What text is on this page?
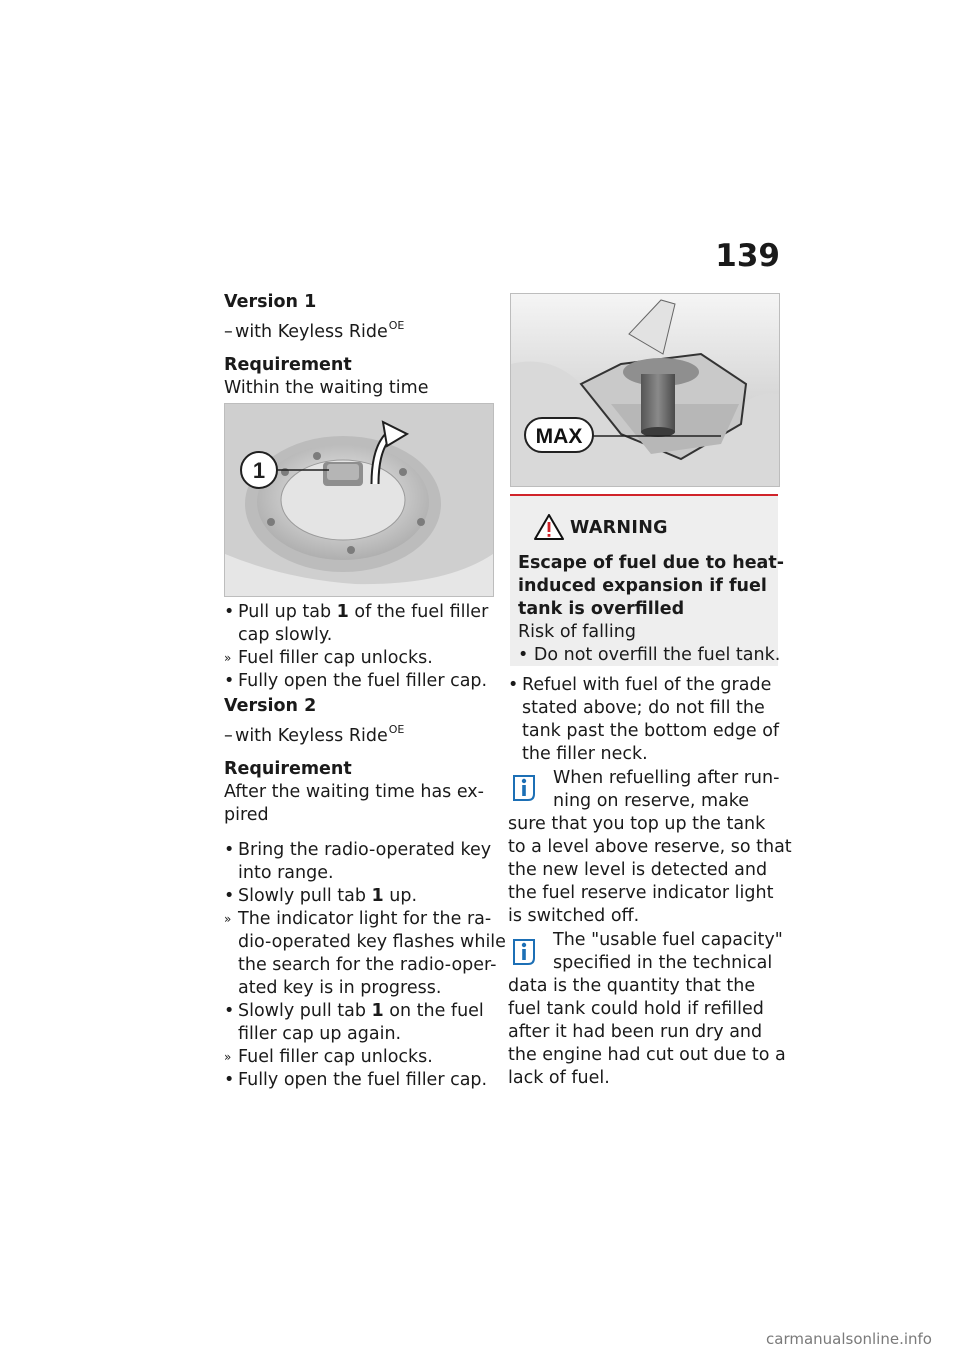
139
Version 1
– with Keyless Ride$^{OE}$
Requirement
Within the waiting time
1
• Pull up tab 1 of the fuel filler
cap slowly.
» Fuel filler cap unlocks.
• Fully open the fuel filler cap.
Version 2
– with Keyless Ride$^{OE}$
Requirement
After the waiting time has ex-
pired
• Bring the radio-operated key
into range.
• Slowly pull tab 1 up.
» The indicator light for the ra-
dio-operated key flashes while
the search for the radio-oper-
ated key is in progress.
• Slowly pull tab 1 on the fuel
filler cap up again.
» Fuel filler cap unlocks.
• Fully open the fuel filler cap.
MAX
WARNING
Escape of fuel due to heat-
induced expansion if fuel
tank is overfilled
Risk of falling
• Do not overfill the fuel tank.
• Refuel with fuel of the grade
stated above; do not fill the
tank past the bottom edge of
the filler neck.
When refuelling after run-
ning on reserve, make
sure that you top up the tank
to a level above reserve, so that
the new level is detected and
the fuel reserve indicator light
is switched off.
The "usable fuel capacity"
specified in the technical
data is the quantity that the
fuel tank could hold if refilled
after it had been run dry and
the engine had cut out due to a
lack of fuel.
carmanualsonline.info
